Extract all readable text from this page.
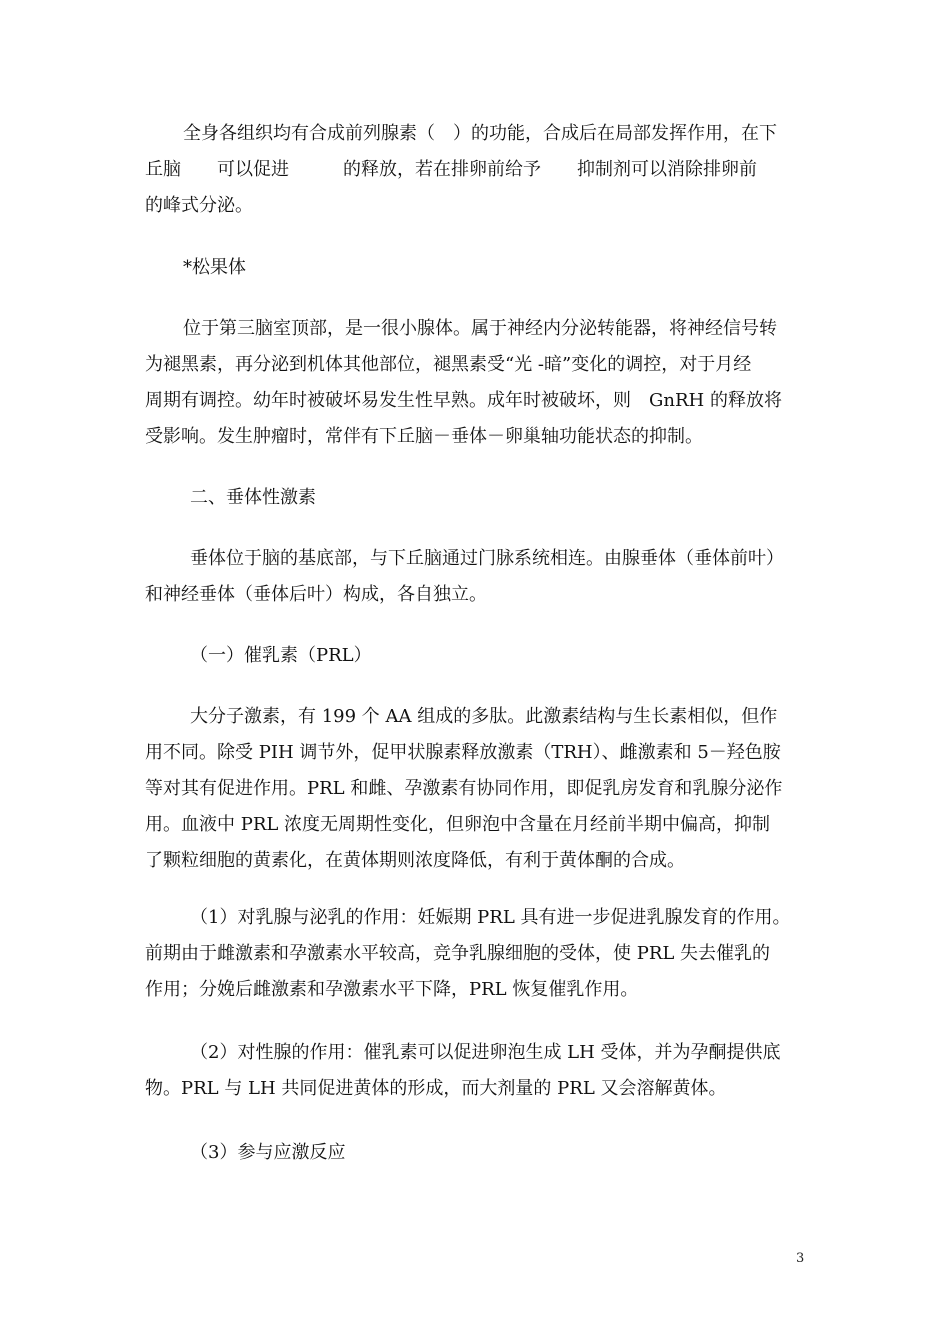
全身各组织均有合成前列腺素（　）的功能，合成后在局部发挥作用，在下
丘脑　　可以促进　　　的释放，若在排卵前给予　　抑制剂可以消除排卵前
的峰式分泌。

*松果体

位于第三脑室顶部，是一很小腺体。属于神经内分泌转能器，将神经信号转
为褪黑素，再分泌到机体其他部位，褪黑素受“光 -暗”变化的调控，对于月经
周期有调控。幼年时被破坏易发生性早熟。成年时被破坏，则　GnRH 的释放将
受影响。发生肿瘤时，常伴有下丘脑－垂体－卵巢轴功能状态的抑制。

二、垂体性激素

垂体位于脑的基底部，与下丘脑通过门脉系统相连。由腺垂体（垂体前叶）
和神经垂体（垂体后叶）构成，各自独立。

（一）催乳素（PRL）

大分子激素，有 199 个 AA 组成的多肽。此激素结构与生长素相似，但作
用不同。除受 PIH 调节外，促甲状腺素释放激素（TRH）、雌激素和 5－羟色胺
等对其有促进作用。PRL 和雌、孕激素有协同作用，即促乳房发育和乳腺分泌作
用。血液中 PRL 浓度无周期性变化，但卵泡中含量在月经前半期中偏高，抑制
了颗粒细胞的黄素化，在黄体期则浓度降低，有利于黄体酮的合成。
（1）对乳腺与泌乳的作用：妊娠期 PRL 具有进一步促进乳腺发育的作用。
前期由于雌激素和孕激素水平较高，竞争乳腺细胞的受体，使 PRL 失去催乳的
作用；分娩后雌激素和孕激素水平下降，PRL 恢复催乳作用。
（2）对性腺的作用：催乳素可以促进卵泡生成 LH 受体，并为孕酮提供底
物。PRL 与 LH 共同促进黄体的形成，而大剂量的 PRL 又会溶解黄体。

（3）参与应激反应

3
